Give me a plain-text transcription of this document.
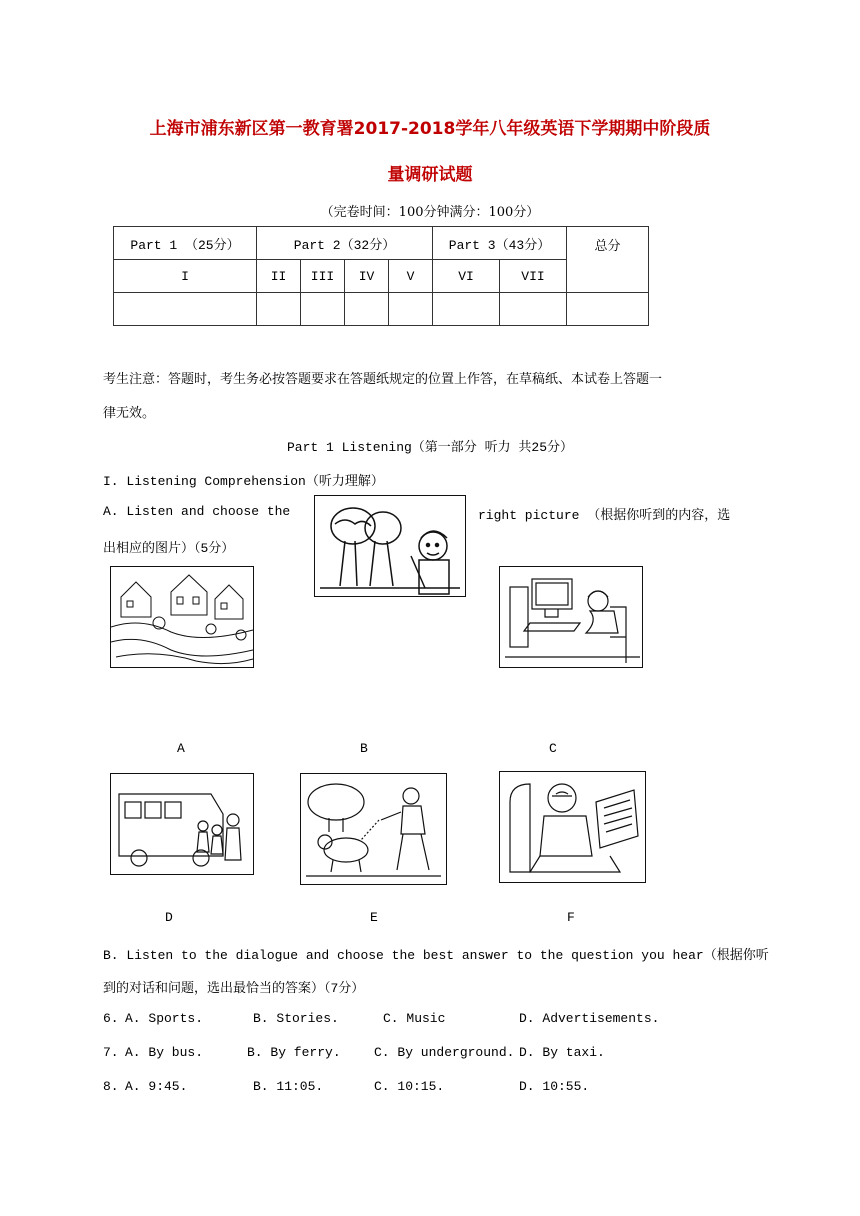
上海市浦东新区第一教育署2017-2018学年八年级英语下学期期中阶段质
量调研试题
（完卷时间：100分钟满分：100分）
Part 1 （25分）	Part 2（32分）				Part 3（43分）		总分
I	II	III	IV	V	VI	VII	

考生注意：答题时，考生务必按答题要求在答题纸规定的位置上作答，在草稿纸、本试卷上答题一
律无效。
Part 1 Listening（第一部分 听力 共25分）
I. Listening Comprehension（听力理解）
A. Listen and choose the	right picture （根据你听到的内容，选
出相应的图片）（5分）
A	B	C
D	E	F
B. Listen to the dialogue and choose the best answer to the question you hear（根据你听
到的对话和问题，选出最恰当的答案）（7分）
6. A. Sports.	B. Stories.	C. Music	D. Advertisements.
7. A. By bus.	B. By ferry.	C. By underground. D. By taxi.
8. A. 9:45.	B. 11:05.	C. 10:15.	D. 10:55.
